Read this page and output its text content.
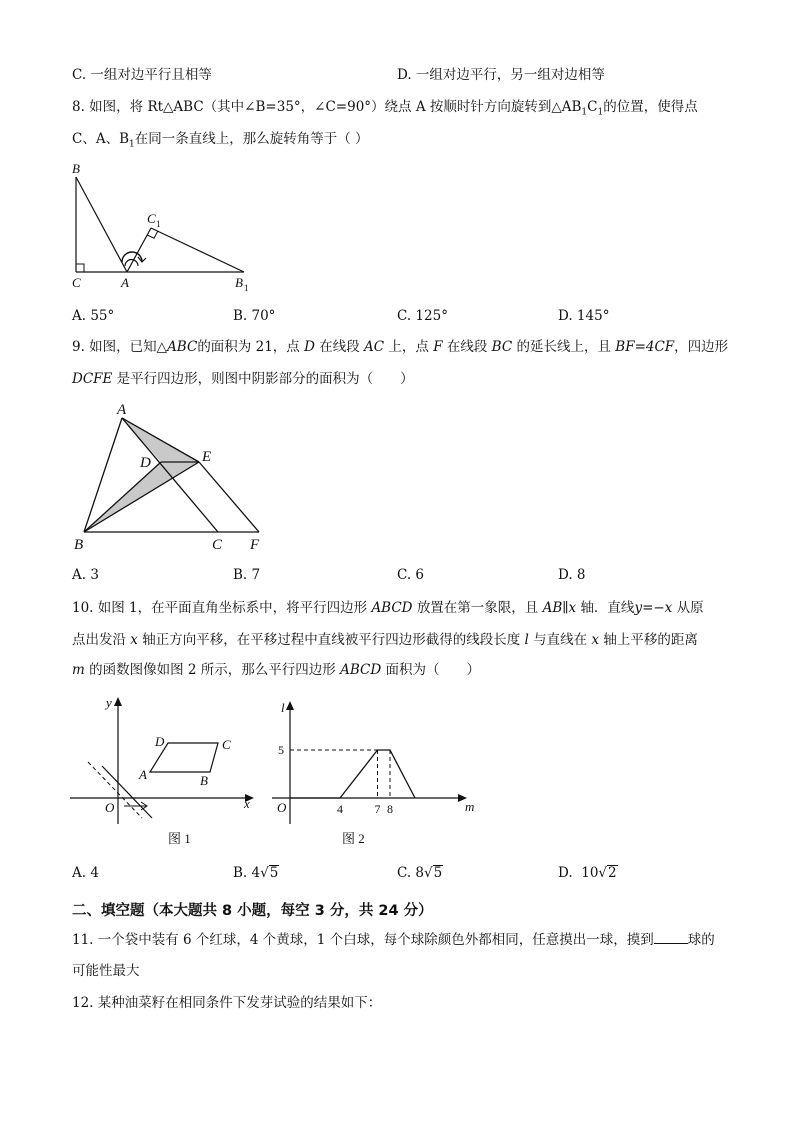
C. 一组对边平行且相等	D. 一组对边平行，另一组对边相等
8. 如图，将 Rt△ABC（其中∠B=35°，∠C=90°）绕点 A 按顺时针方向旋转到$\triangle AB_1C_1$的位置，使得点
C、A、$B_1$在同一条直线上，那么旋转角等于（ ）
B
C	A
C 1
B 1
A. 55°	B. 70°	C. 125°	D. 145°
9. 如图，已知△ABC的面积为 21，点 D 在线段 AC 上，点 F 在线段 BC 的延长线上，且 BF=4CF，四边形
DCFE 是平行四边形，则图中阴影部分的面积为（　　）
A
D	E
B	C F
A. 3	B. 7	C. 6	D. 8
10. 如图 1，在平面直角坐标系中，将平行四边形 ABCD 放置在第一象限，且 AB∥x 轴．直线y=−x 从原
点出发沿 x 轴正方向平移，在平移过程中直线被平行四边形截得的线段长度 l 与直线在 x 轴上平移的距离
m 的函数图像如图 2 所示，那么平行四边形 ABCD 面积为（　　）
y
x
O
A	B
C
D
图 1
l
m
O
5
4	7 8
图 2
A. 4	B. 4√5	C. 8√5	D. 10√2
二、填空题（本大题共 8 小题，每空 3 分，共 24 分）
11. 一个袋中装有 6 个红球，4 个黄球，1 个白球，每个球除颜色外都相同，任意摸出一球，摸到	球的
可能性最大
12. 某种油菜籽在相同条件下发芽试验的结果如下：
